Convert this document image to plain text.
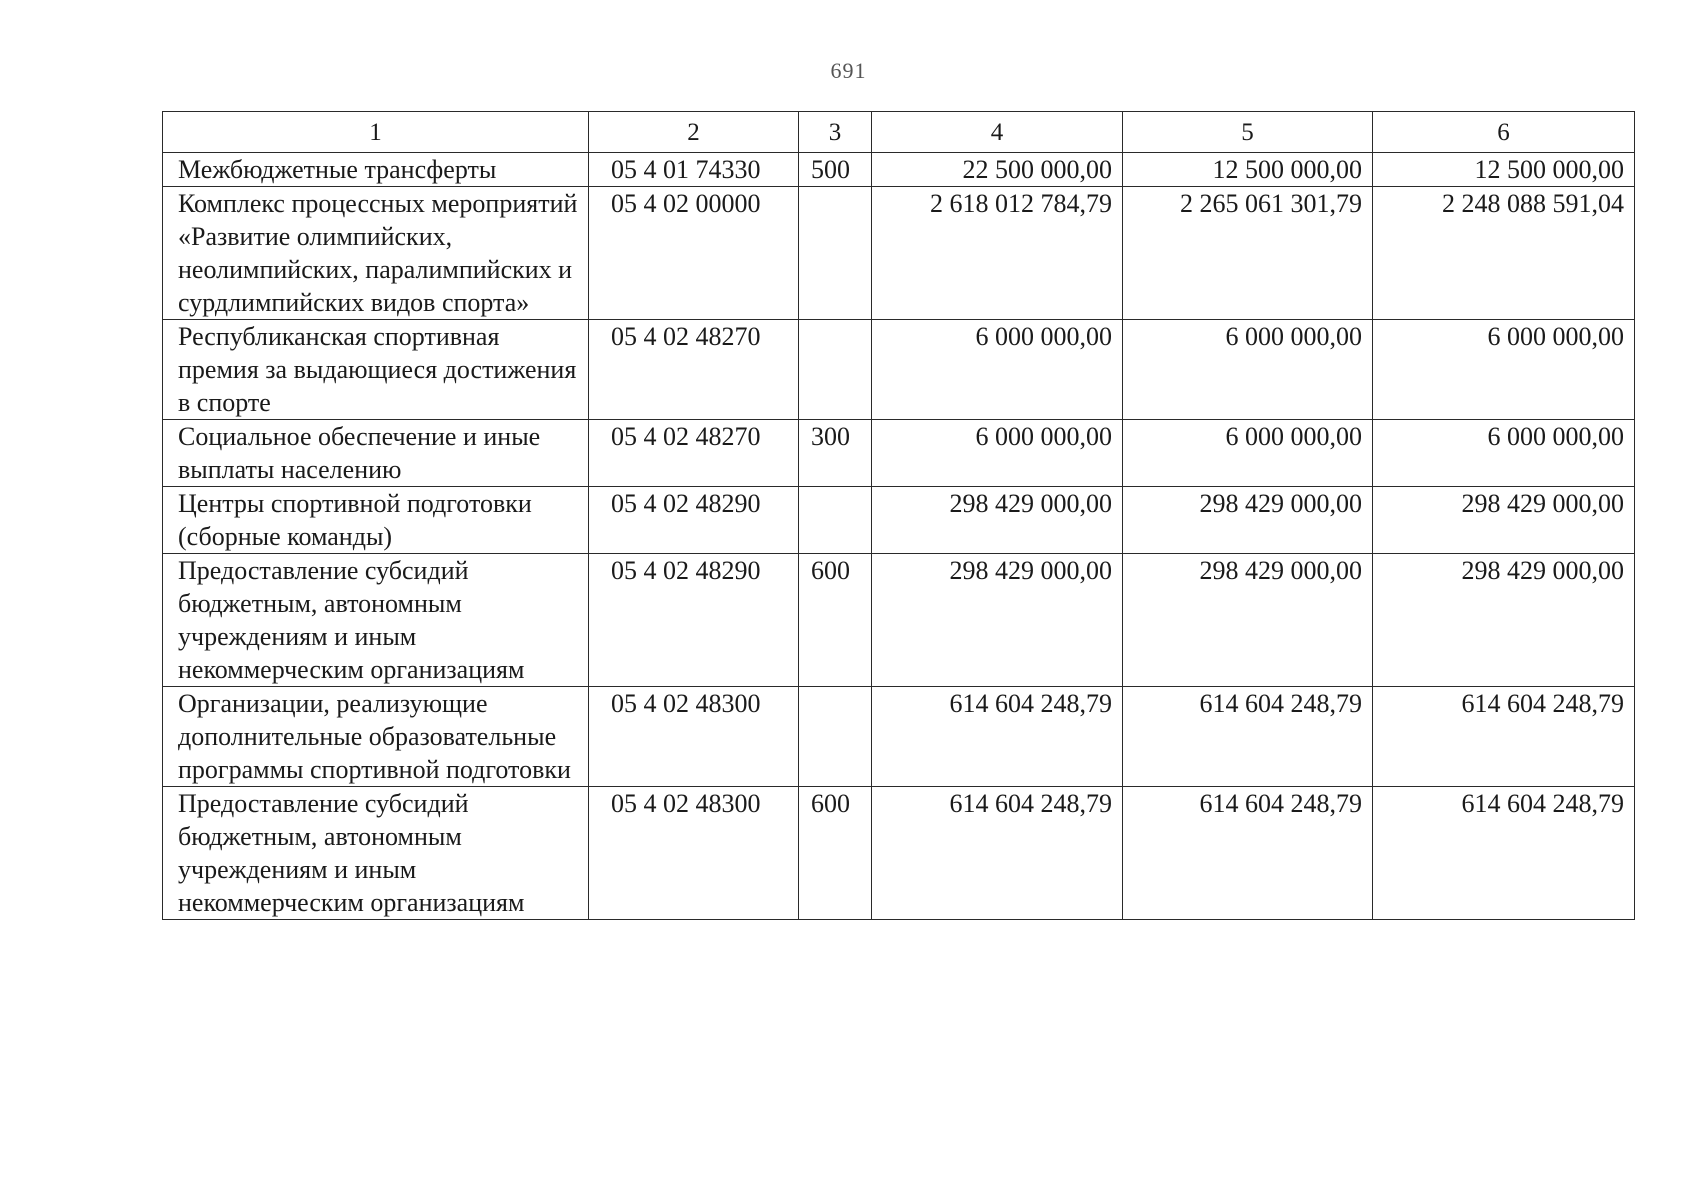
691
1	2	3	4	5	6
Межбюджетные трансферты	05 4 01 74330	500	22 500 000,00	12 500 000,00	12 500 000,00
Комплекс процессных мероприятий «Развитие олимпийских, неолимпийских, паралимпийских и сурдлимпийских видов спорта»	05 4 02 00000		2 618 012 784,79	2 265 061 301,79	2 248 088 591,04
Республиканская спортивная премия за выдающиеся достижения в спорте	05 4 02 48270		6 000 000,00	6 000 000,00	6 000 000,00
Социальное обеспечение и иные выплаты населению	05 4 02 48270	300	6 000 000,00	6 000 000,00	6 000 000,00
Центры спортивной подготовки (сборные команды)	05 4 02 48290		298 429 000,00	298 429 000,00	298 429 000,00
Предоставление субсидий бюджетным, автономным учреждениям и иным некоммерческим организациям	05 4 02 48290	600	298 429 000,00	298 429 000,00	298 429 000,00
Организации, реализующие дополнительные образовательные программы спортивной подготовки	05 4 02 48300		614 604 248,79	614 604 248,79	614 604 248,79
Предоставление субсидий бюджетным, автономным учреждениям и иным некоммерческим организациям	05 4 02 48300	600	614 604 248,79	614 604 248,79	614 604 248,79
